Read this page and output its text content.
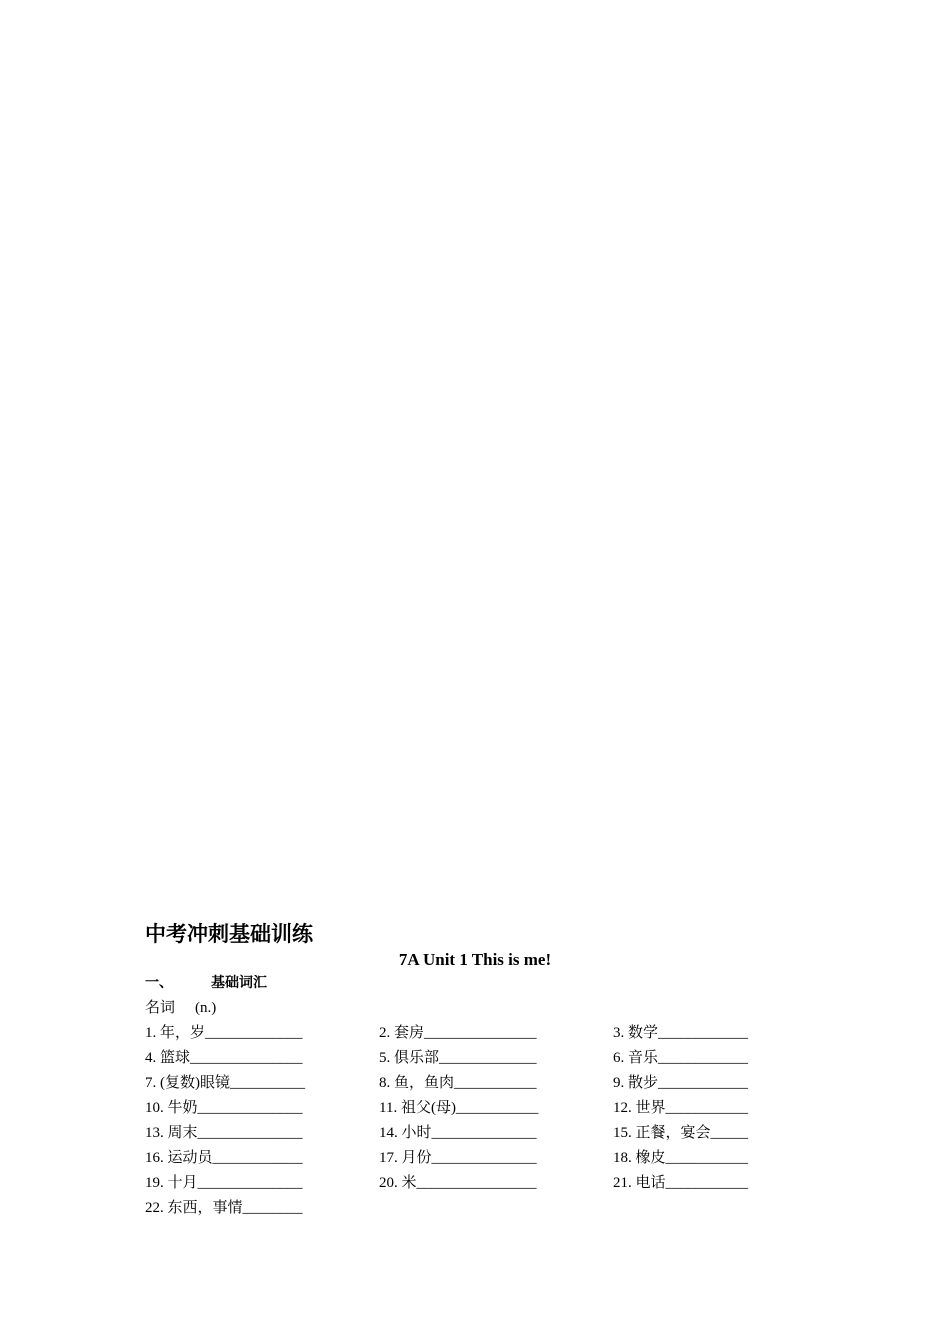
中考冲刺基础训练
7A Unit 1 This is me!
一、	基础词汇
名词 (n.)
1. 年，岁_____________	2. 套房_______________	3. 数学____________
4. 篮球_______________	5. 俱乐部_____________	6. 音乐____________
7. (复数)眼镜__________	8. 鱼，鱼肉___________	9. 散步____________
10. 牛奶______________	11. 祖父(母)___________	12. 世界___________
13. 周末______________	14. 小时______________	15. 正餐，宴会_____
16. 运动员____________	17. 月份______________	18. 橡皮___________
19. 十月______________	20. 米________________	21. 电话___________
22. 东西，事情________
